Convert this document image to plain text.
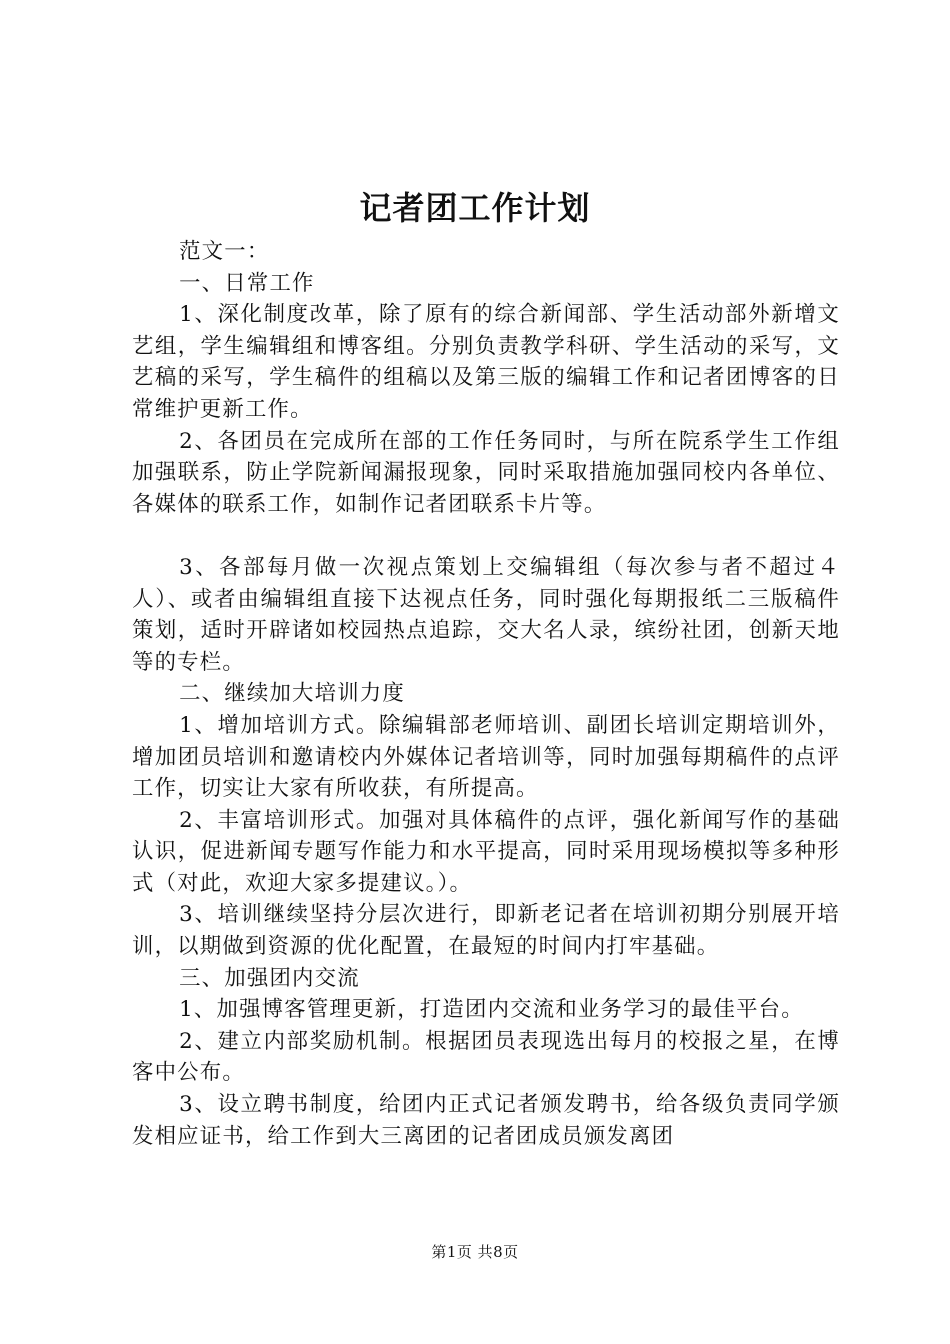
记者团工作计划

范文一：

一、日常工作

1、深化制度改革，除了原有的综合新闻部、学生活动部外新增文艺组，学生编辑组和博客组。分别负责教学科研、学生活动的采写，文艺稿的采写，学生稿件的组稿以及第三版的编辑工作和记者团博客的日常维护更新工作。

2、各团员在完成所在部的工作任务同时，与所在院系学生工作组加强联系，防止学院新闻漏报现象，同时采取措施加强同校内各单位、各媒体的联系工作，如制作记者团联系卡片等。

3、各部每月做一次视点策划上交编辑组（每次参与者不超过４人）、或者由编辑组直接下达视点任务，同时强化每期报纸二三版稿件策划，适时开辟诸如校园热点追踪，交大名人录，缤纷社团，创新天地等的专栏。

二、继续加大培训力度

1、增加培训方式。除编辑部老师培训、副团长培训定期培训外，增加团员培训和邀请校内外媒体记者培训等，同时加强每期稿件的点评工作，切实让大家有所收获，有所提高。

2、丰富培训形式。加强对具体稿件的点评，强化新闻写作的基础认识，促进新闻专题写作能力和水平提高，同时采用现场模拟等多种形式（对此，欢迎大家多提建议。）。

3、培训继续坚持分层次进行，即新老记者在培训初期分别展开培训，以期做到资源的优化配置，在最短的时间内打牢基础。

三、加强团内交流

1、加强博客管理更新，打造团内交流和业务学习的最佳平台。

2、建立内部奖励机制。根据团员表现选出每月的校报之星，在博客中公布。

3、设立聘书制度，给团内正式记者颁发聘书，给各级负责同学颁发相应证书，给工作到大三离团的记者团成员颁发离团

第1页 共8页
